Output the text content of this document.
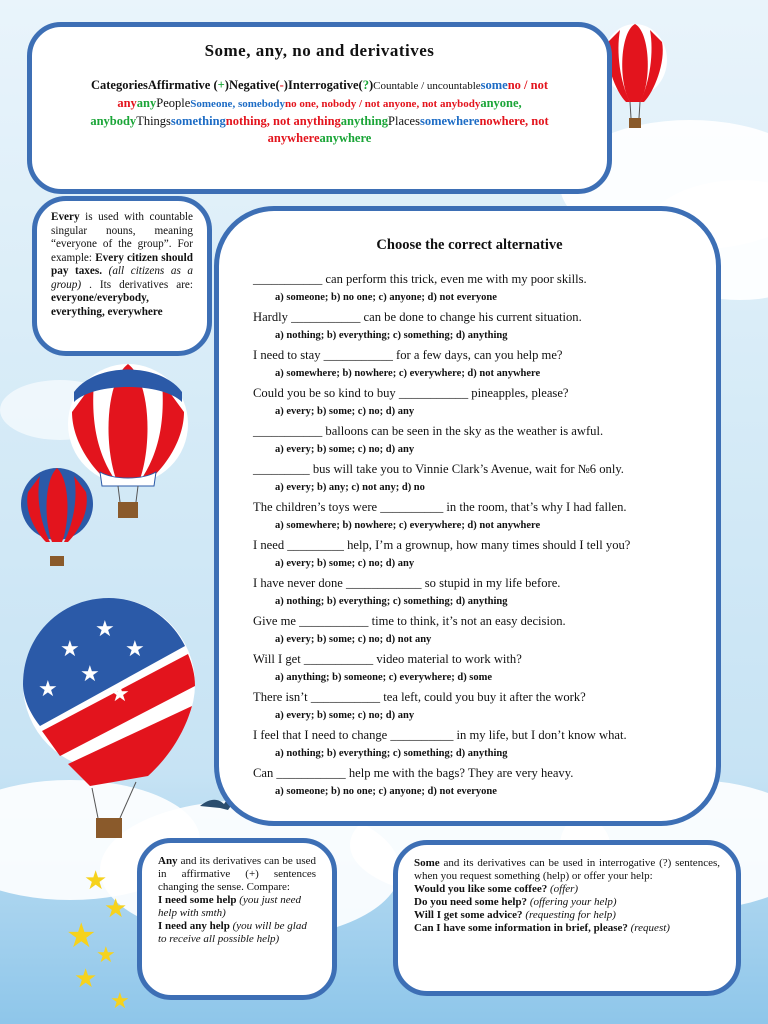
★
★
★
★
★
★
★
★
★ ★
★
★
Some, any, no and derivatives
CategoriesAffirmative (+)Negative(-)Interrogative(?)Countable / uncountablesomeno / not anyanyPeopleSomeone, somebodyno one, nobody / not anyone, not anybodyanyone, anybodyThingssomethingnothing, not anythinganythingPlacessomewherenowhere, not anywhereanywhere

Every is used with countable singular nouns, meaning “everyone of the group”. For example: Every citizen should pay taxes. (all citizens as a group) . Its derivatives are: everyone/everybody, everything, everywhere

Choose the correct alternative
___________ can perform this trick, even me with my poor skills.
a) someone; b) no one; c) anyone; d) not everyone
Hardly ___________ can be done to change his current situation.
a) nothing; b) everything; c) something; d) anything
I need to stay ___________ for a few days, can you help me?
a) somewhere; b) nowhere; c) everywhere; d) not anywhere
Could you be so kind to buy ___________ pineapples, please?
a) every; b) some; c) no; d) any
___________ balloons can be seen in the sky as the weather is awful.
a) every; b) some; c) no; d) any
_________ bus will take you to Vinnie Clark’s Avenue, wait for №6 only.
a) every; b) any; c) not any; d) no
The children’s toys were __________ in the room, that’s why I had fallen.
a) somewhere; b) nowhere; c) everywhere; d) not anywhere
I need _________ help, I’m a grownup, how many times should I tell you?
a) every; b) some; c) no; d) any
I have never done ____________ so stupid in my life before.
a) nothing; b) everything; c) something; d) anything
Give me ___________ time to think, it’s not an easy decision.
a) every; b) some; c) no; d) not any
Will I get ___________ video material to work with?
a) anything; b) someone; c) everywhere; d) some
There isn’t ___________ tea left, could you buy it after the work?
a) every; b) some; c) no; d) any
I feel that I need to change __________ in my life, but I don’t know what.
a) nothing; b) everything; c) something; d) anything
Can ___________ help me with the bags? They are very heavy.
a) someone; b) no one; c) anyone; d) not everyone

Any and its derivatives can be used in affirmative (+) sentences changing the sense. Compare:

I need some help (you just need help with smth)

I need any help (you will be glad to receive all possible help)

Some and its derivatives can be used in interrogative (?) sentences, when you request something (help) or offer your help:

Would you like some coffee? (offer)

Do you need some help? (offering your help)

Will I get some advice? (requesting for help)

Can I have some information in brief, please? (request)
